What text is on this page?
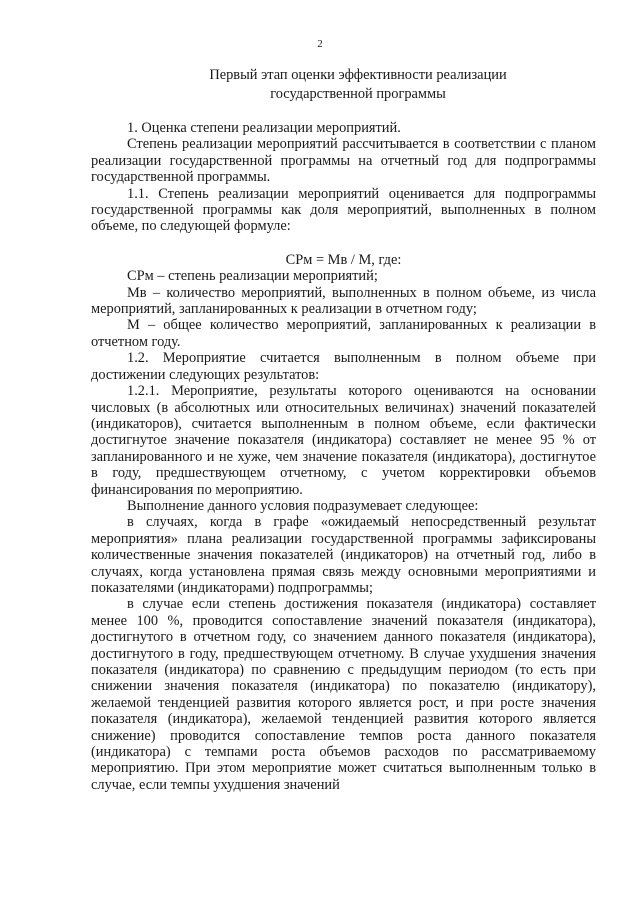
2
Первый этап оценки эффективности реализации
государственной программы

1. Оценка степени реализации мероприятий.

Степень реализации мероприятий рассчитывается в соответствии с планом реализации государственной программы на отчетный год для подпрограммы государственной программы.

1.1. Степень реализации мероприятий оценивается для подпрограммы государственной программы как доля мероприятий, выполненных в полном объеме, по следующей формуле:

СРм = Мв / М, где:

СРм – степень реализации мероприятий;

Мв – количество мероприятий, выполненных в полном объеме, из числа мероприятий, запланированных к реализации в отчетном году;

М – общее количество мероприятий, запланированных к реализации в отчетном году.

1.2. Мероприятие считается выполненным в полном объеме при достижении следующих результатов:

1.2.1. Мероприятие, результаты которого оцениваются на основании числовых (в абсолютных или относительных величинах) значений показателей (индикаторов), считается выполненным в полном объеме, если фактически достигнутое значение показателя (индикатора) составляет не менее 95 % от запланированного и не хуже, чем значение показателя (индикатора), достигнутое в году, предшествующем отчетному, с учетом корректировки объемов финансирования по мероприятию.

Выполнение данного условия подразумевает следующее:

в случаях, когда в графе «ожидаемый непосредственный результат мероприятия» плана реализации государственной программы зафиксированы количественные значения показателей (индикаторов) на отчетный год, либо в случаях, когда установлена прямая связь между основными мероприятиями и показателями (индикаторами) подпрограммы;

в случае если степень достижения показателя (индикатора) составляет менее 100 %, проводится сопоставление значений показателя (индикатора), достигнутого в отчетном году, со значением данного показателя (индикатора), достигнутого в году, предшествующем отчетному. В случае ухудшения значения показателя (индикатора) по сравнению с предыдущим периодом (то есть при снижении значения показателя (индикатора) по показателю (индикатору), желаемой тенденцией развития которого является рост, и при росте значения показателя (индикатора), желаемой тенденцией развития которого является снижение) проводится сопоставление темпов роста данного показателя (индикатора) с темпами роста объемов расходов по рассматриваемому мероприятию. При этом мероприятие может считаться выполненным только в случае, если темпы ухудшения значений
